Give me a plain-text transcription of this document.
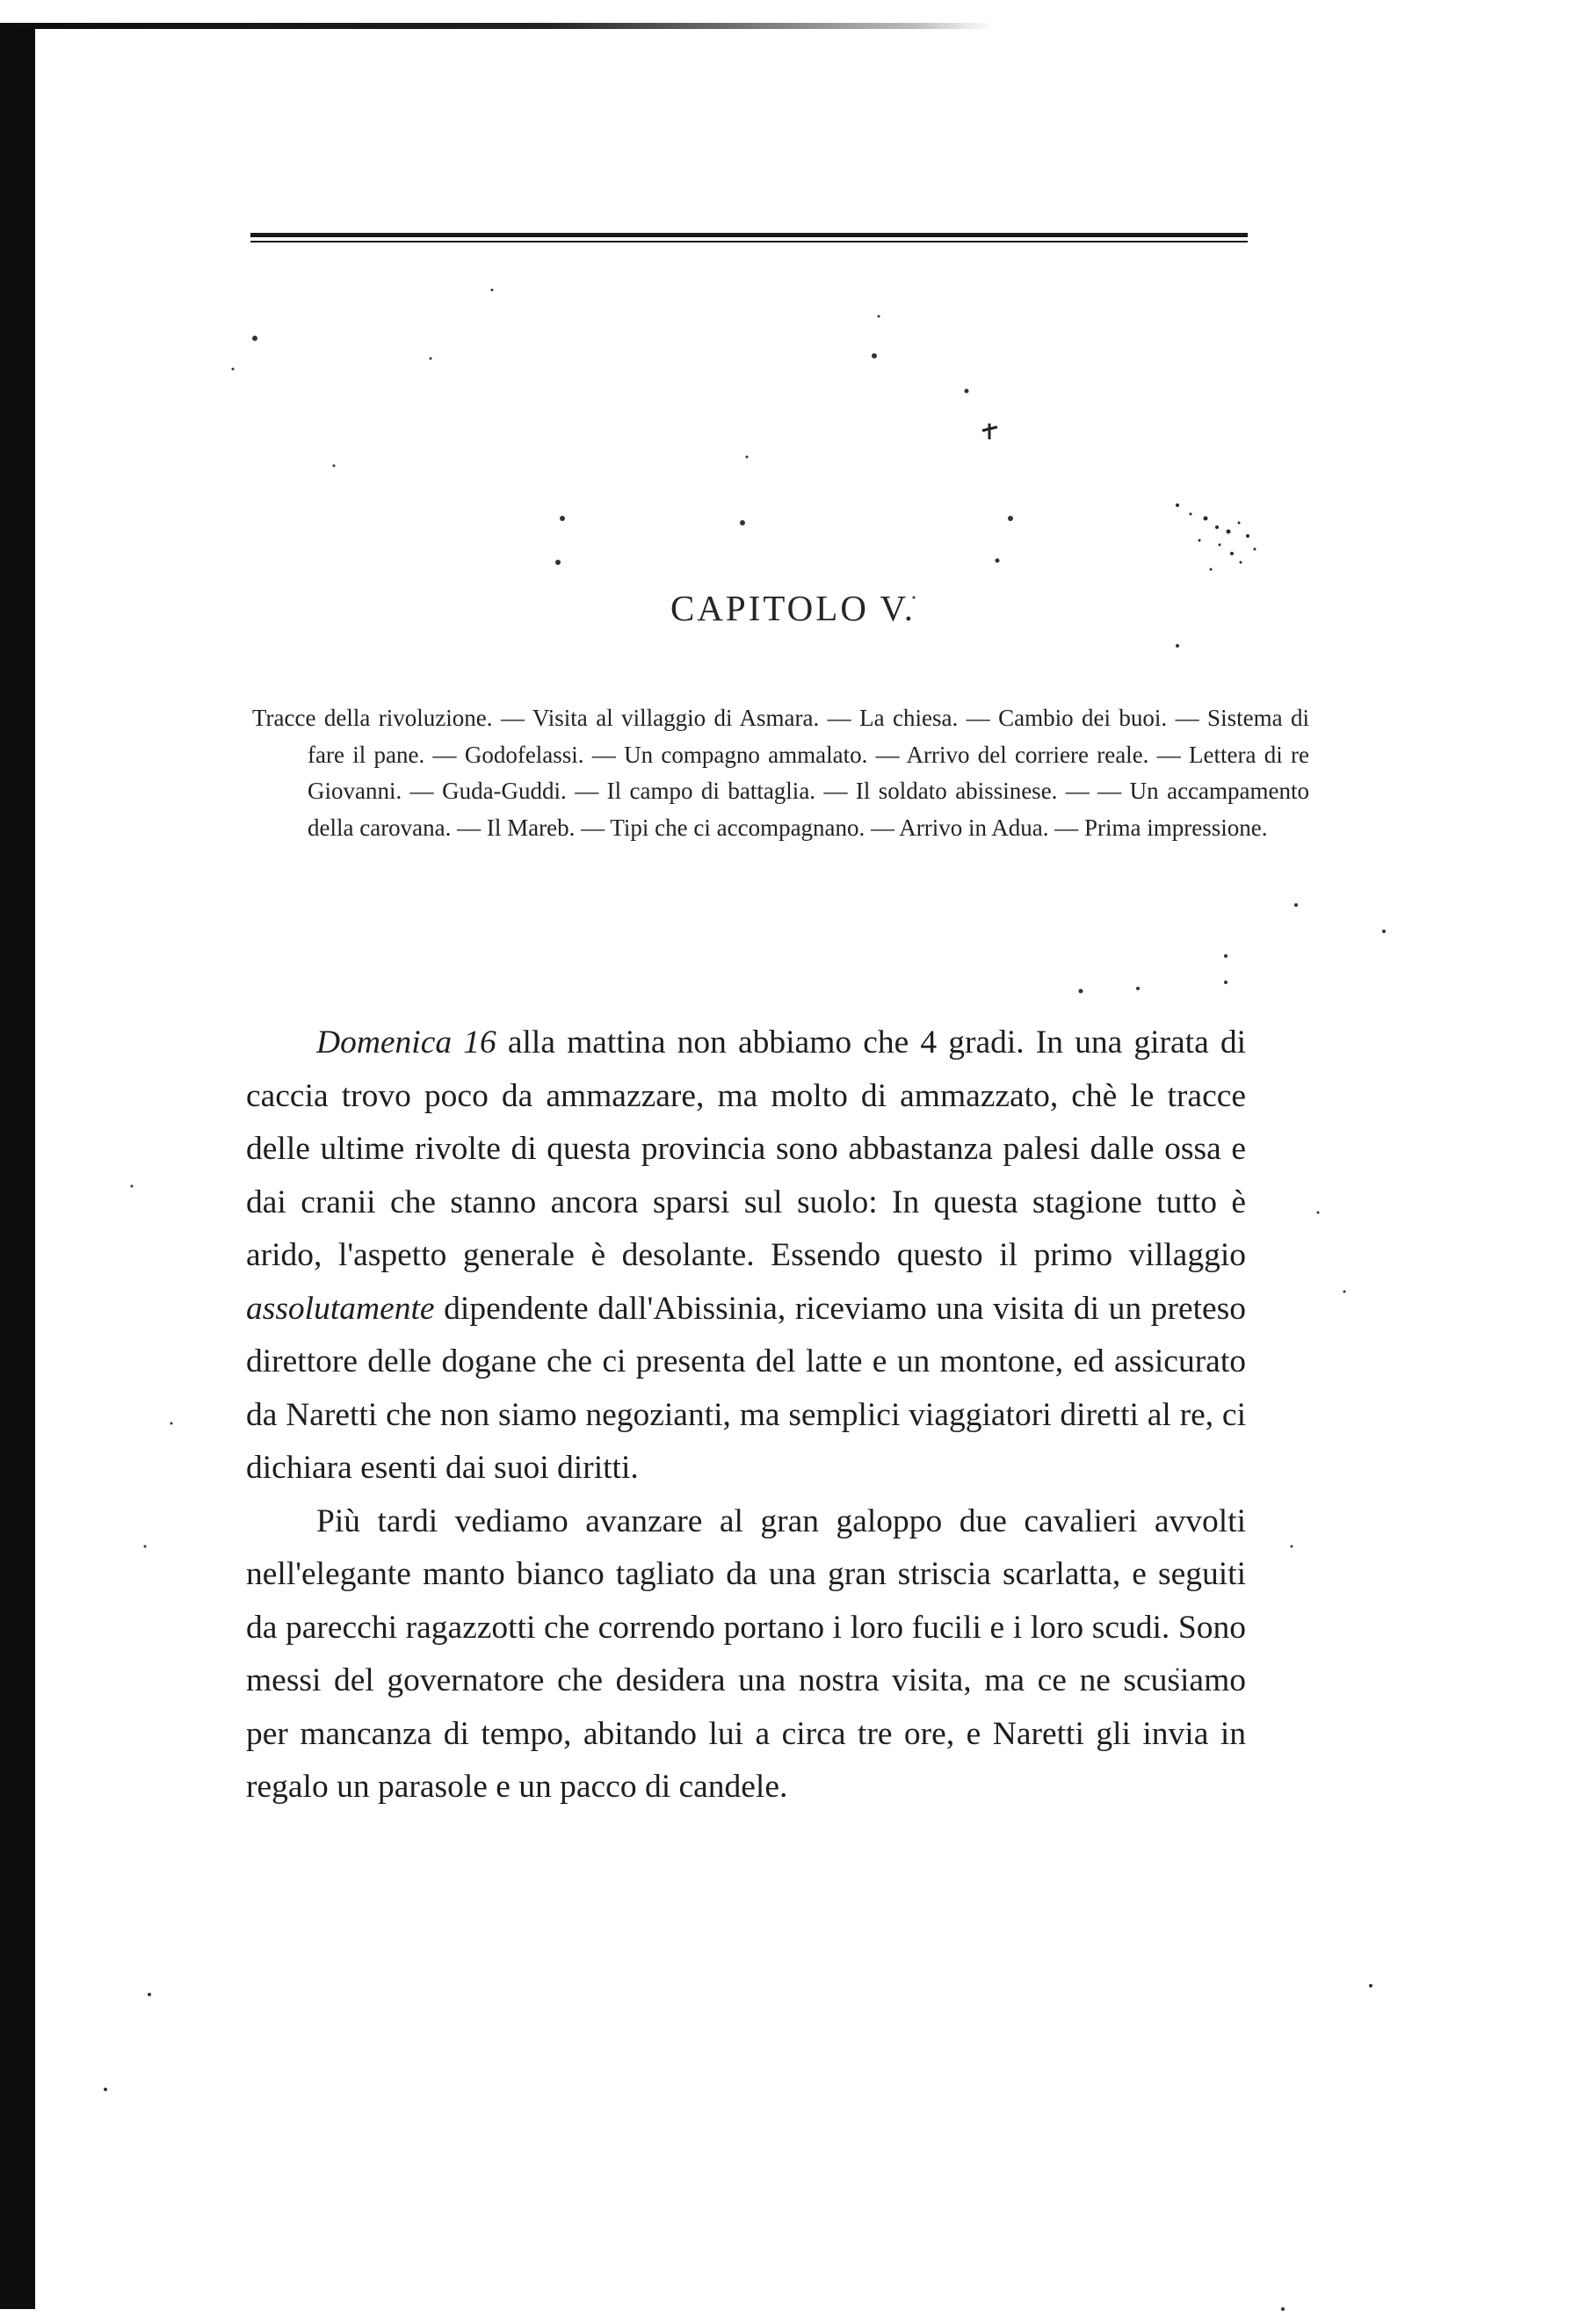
CAPITOLO V.

Tracce della rivoluzione. — Visita al villaggio di Asmara. — La chiesa. — Cambio dei buoi. — Sistema di fare il pane. — Godofelassi. — Un compagno ammalato. — Arrivo del corriere reale. — Lettera di re Giovanni. — Guda-Guddi. — Il campo di battaglia. — Il soldato abissinese. — — Un accampamento della carovana. — Il Mareb. — Tipi che ci accompagnano. — Arrivo in Adua. — Prima impressione.

Domenica 16 alla mattina non abbiamo che 4 gradi. In una girata di caccia trovo poco da ammazzare, ma molto di ammazzato, chè le tracce delle ultime rivolte di questa provincia sono abbastanza palesi dalle ossa e dai cranii che stanno ancora sparsi sul suolo: In questa stagione tutto è arido, l'aspetto generale è desolante. Essendo questo il primo villaggio assolutamente dipendente dall'Abissinia, riceviamo una visita di un preteso direttore delle dogane che ci presenta del latte e un montone, ed assicurato da Naretti che non siamo negozianti, ma semplici viaggiatori diretti al re, ci dichiara esenti dai suoi diritti.

Più tardi vediamo avanzare al gran galoppo due cavalieri avvolti nell'elegante manto bianco tagliato da una gran striscia scarlatta, e seguiti da parecchi ragazzotti che correndo portano i loro fucili e i loro scudi. Sono messi del governatore che desidera una nostra visita, ma ce ne scusiamo per mancanza di tempo, abitando lui a circa tre ore, e Naretti gli invia in regalo un parasole e un pacco di candele.
